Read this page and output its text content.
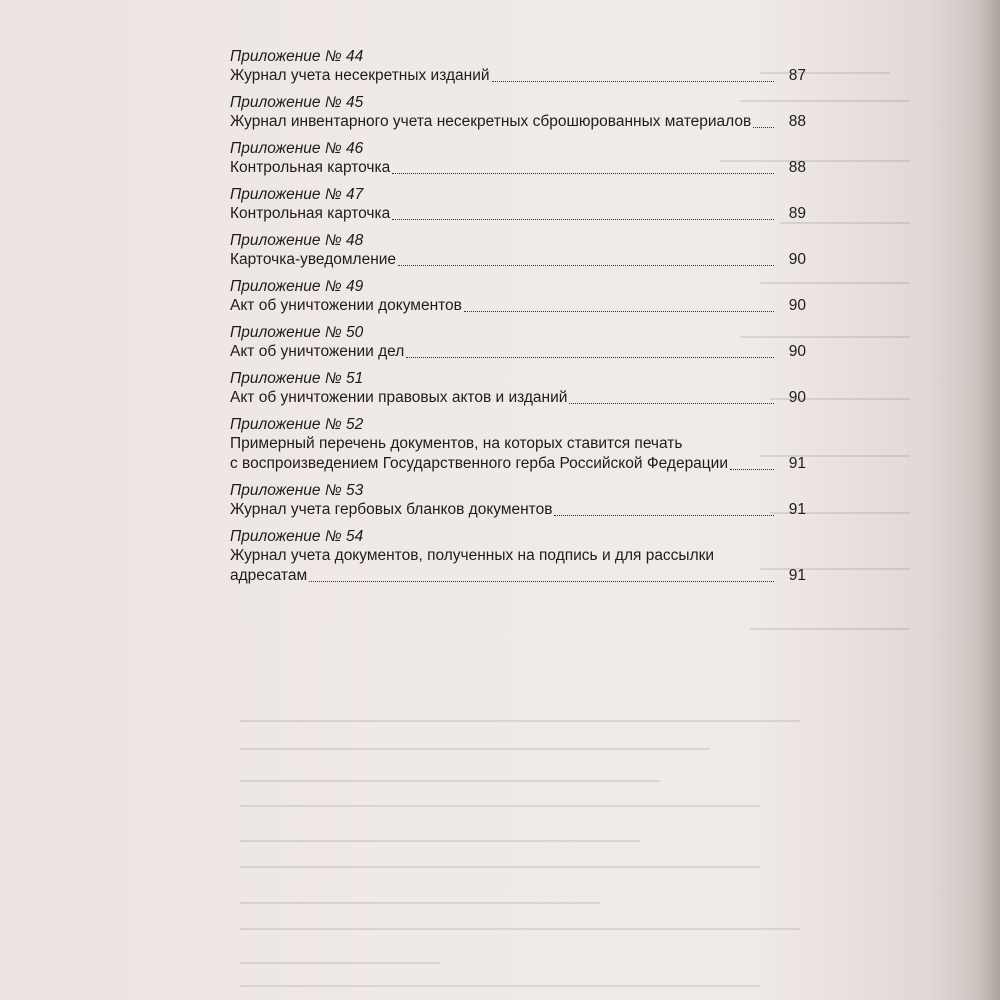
Приложение № 44
Журнал учета несекретных изданий	87
Приложение № 45
Журнал инвентарного учета несекретных сброшюрованных материалов	88
Приложение № 46
Контрольная карточка	88
Приложение № 47
Контрольная карточка	89
Приложение № 48
Карточка-уведомление	90
Приложение № 49
Акт об уничтожении документов	90
Приложение № 50
Акт об уничтожении дел	90
Приложение № 51
Акт об уничтожении правовых актов и изданий	90
Приложение № 52
Примерный перечень документов, на которых ставится печать
с воспроизведением Государственного герба Российской Федерации	91
Приложение № 53
Журнал учета гербовых бланков документов	91
Приложение № 54
Журнал учета документов, полученных на подпись и для рассылки
адресатам	91
